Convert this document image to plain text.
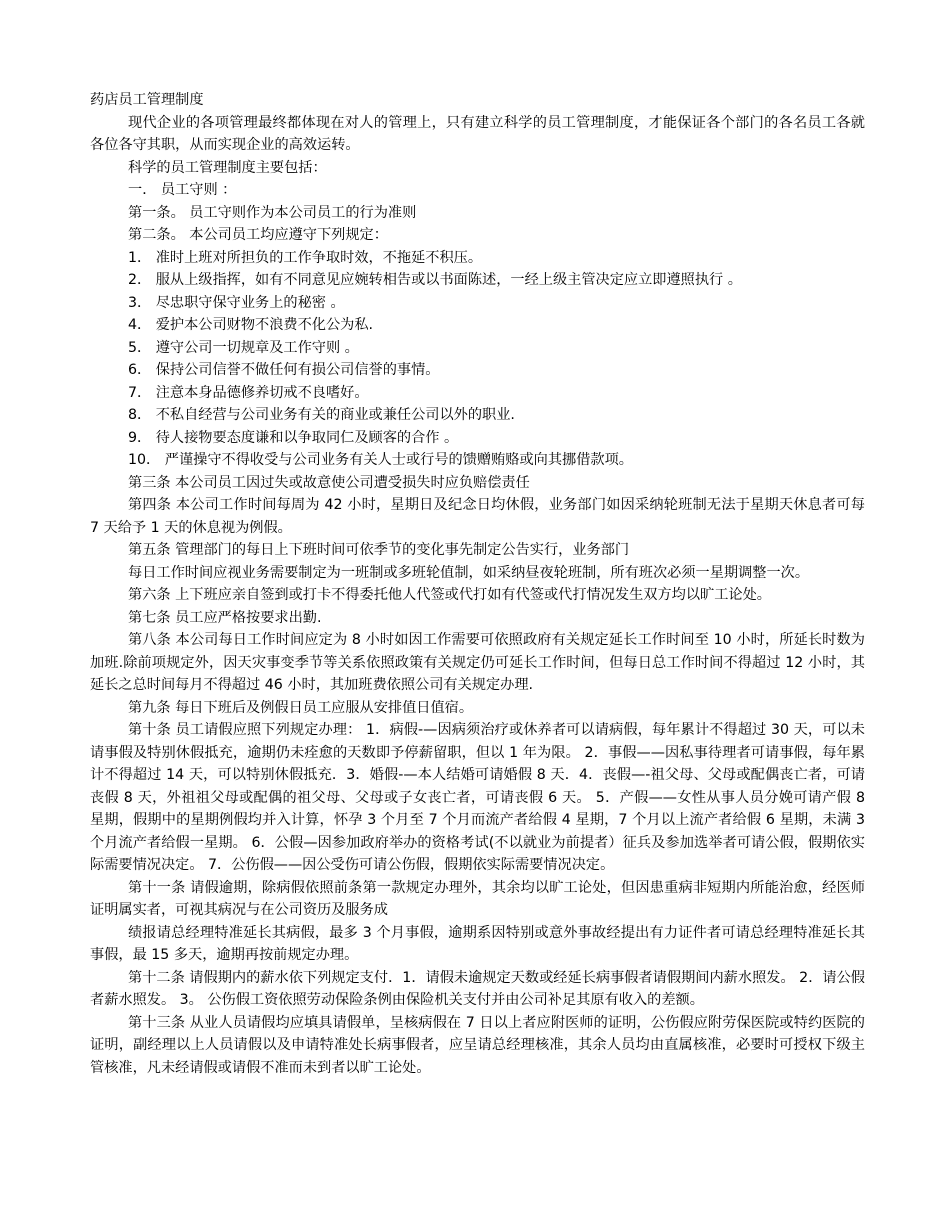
药店员工管理制度

现代企业的各项管理最终都体现在对人的管理上，只有建立科学的员工管理制度，才能保证各个部门的各名员工各就各位各守其职，从而实现企业的高效运转。

科学的员工管理制度主要包括：

一． 员工守则 ：

第一条。 员工守则作为本公司员工的行为准则

第二条。 本公司员工均应遵守下列规定：

1． 准时上班对所担负的工作争取时效，不拖延不积压。

2． 服从上级指挥，如有不同意见应婉转相告或以书面陈述，一经上级主管决定应立即遵照执行 。

3． 尽忠职守保守业务上的秘密 。

4． 爱护本公司财物不浪费不化公为私.

5． 遵守公司一切规章及工作守则 。

6． 保持公司信誉不做任何有损公司信誉的事情。

7． 注意本身品德修养切戒不良嗜好。

8． 不私自经营与公司业务有关的商业或兼任公司以外的职业.

9． 待人接物要态度谦和以争取同仁及顾客的合作 。

10． 严谨操守不得收受与公司业务有关人士或行号的馈赠贿赂或向其挪借款项。

第三条 本公司员工因过失或故意使公司遭受损失时应负赔偿责任

第四条 本公司工作时间每周为 42 小时，星期日及纪念日均休假，业务部门如因采纳轮班制无法于星期天休息者可每 7 天给予 1 天的休息视为例假。

第五条 管理部门的每日上下班时间可依季节的变化事先制定公告实行，业务部门

每日工作时间应视业务需要制定为一班制或多班轮值制，如采纳昼夜轮班制，所有班次必须一星期调整一次。

第六条 上下班应亲自签到或打卡不得委托他人代签或代打如有代签或代打情况发生双方均以旷工论处。

第七条 员工应严格按要求出勤.

第八条 本公司每日工作时间应定为 8 小时如因工作需要可依照政府有关规定延长工作时间至 10 小时，所延长时数为加班.除前项规定外，因天灾事变季节等关系依照政策有关规定仍可延长工作时间，但每日总工作时间不得超过 12 小时，其延长之总时间每月不得超过 46 小时，其加班费依照公司有关规定办理.

第九条 每日下班后及例假日员工应服从安排值日值宿。

第十条 员工请假应照下列规定办理： 1．病假-—因病须治疗或休养者可以请病假，每年累计不得超过 30 天，可以未请事假及特别休假抵充，逾期仍未痊愈的天数即予停薪留职，但以 1 年为限。 2．事假——因私事待理者可请事假，每年累计不得超过 14 天，可以特别休假抵充．3．婚假-—本人结婚可请婚假 8 天．4．丧假—-祖父母、父母或配偶丧亡者，可请丧假 8 天，外祖祖父母或配偶的祖父母、父母或子女丧亡者，可请丧假 6 天。 5．产假——女性从事人员分娩可请产假 8 星期，假期中的星期例假均并入计算，怀孕 3 个月至 7 个月而流产者给假 4 星期，7 个月以上流产者给假 6 星期，未满 3 个月流产者给假一星期。 6．公假—因参加政府举办的资格考试(不以就业为前提者）征兵及参加选举者可请公假，假期依实际需要情况决定。 7．公伤假——因公受伤可请公伤假，假期依实际需要情况决定。

第十一条 请假逾期，除病假依照前条第一款规定办理外，其余均以旷工论处，但因患重病非短期内所能治愈，经医师证明属实者，可视其病况与在公司资历及服务成

绩报请总经理特准延长其病假，最多 3 个月事假，逾期系因特别或意外事故经提出有力证件者可请总经理特准延长其事假，最 15 多天，逾期再按前规定办理。

第十二条 请假期内的薪水依下列规定支付．1．请假未逾规定天数或经延长病事假者请假期间内薪水照发。 2．请公假者薪水照发。 3。 公伤假工资依照劳动保险条例由保险机关支付并由公司补足其原有收入的差额。

第十三条 从业人员请假均应填具请假单，呈核病假在 7 日以上者应附医师的证明，公伤假应附劳保医院或特约医院的证明，副经理以上人员请假以及申请特准处长病事假者，应呈请总经理核准，其余人员均由直属核准，必要时可授权下级主管核准，凡未经请假或请假不准而未到者以旷工论处。
